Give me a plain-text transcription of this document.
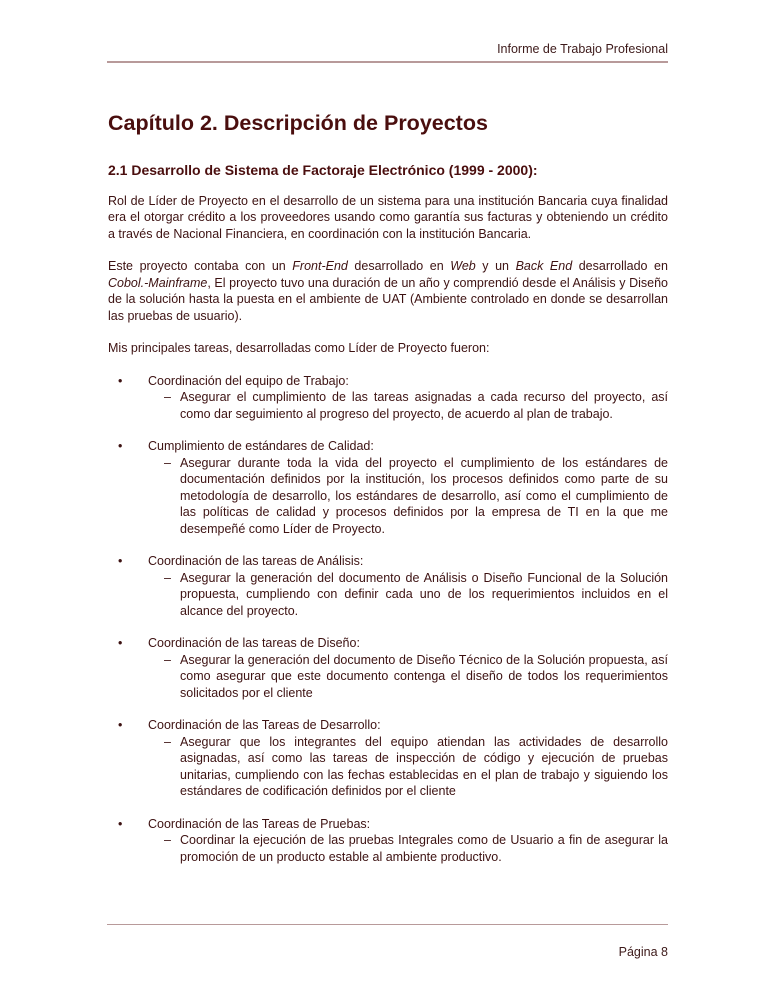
Informe de Trabajo Profesional
Capítulo 2. Descripción de Proyectos
2.1 Desarrollo de Sistema de Factoraje Electrónico (1999 - 2000):

Rol de Líder de Proyecto en el desarrollo de un sistema para una institución Bancaria cuya finalidad era el otorgar crédito a los proveedores usando como garantía sus facturas y obteniendo un crédito a través de Nacional Financiera, en coordinación con la institución Bancaria.

Este proyecto contaba con un Front-End desarrollado en Web y un Back End desarrollado en Cobol.-Mainframe, El proyecto tuvo una duración de un año y comprendió desde el Análisis y Diseño de la solución hasta la puesta en el ambiente de UAT (Ambiente controlado en donde se desarrollan las pruebas de usuario).

Mis principales tareas, desarrolladas como Líder de Proyecto fueron:

• Coordinación del equipo de Trabajo:
– Asegurar el cumplimiento de las tareas asignadas a cada recurso del proyecto, así como dar seguimiento al progreso del proyecto, de acuerdo al plan de trabajo.
• Cumplimiento de estándares de Calidad:
– Asegurar durante toda la vida del proyecto el cumplimiento de los estándares de documentación definidos por la institución, los procesos definidos como parte de su metodología de desarrollo, los estándares de desarrollo, así como el cumplimiento de las políticas de calidad y procesos definidos por la empresa de TI en la que me desempeñé como Líder de Proyecto.
• Coordinación de las tareas de Análisis:
– Asegurar la generación del documento de Análisis o Diseño Funcional de la Solución propuesta, cumpliendo con definir cada uno de los requerimientos incluidos en el alcance del proyecto.
• Coordinación de las tareas de Diseño:
– Asegurar la generación del documento de Diseño Técnico de la Solución propuesta, así como asegurar que este documento contenga el diseño de todos los requerimientos solicitados por el cliente
• Coordinación de las Tareas de Desarrollo:
– Asegurar que los integrantes del equipo atiendan las actividades de desarrollo asignadas, así como las tareas de inspección de código y ejecución de pruebas unitarias, cumpliendo con las fechas establecidas en el plan de trabajo y siguiendo los estándares de codificación definidos por el cliente
• Coordinación de las Tareas de Pruebas:
– Coordinar la ejecución de las pruebas Integrales como de Usuario a fin de asegurar la promoción de un producto estable al ambiente productivo.
Página 8
